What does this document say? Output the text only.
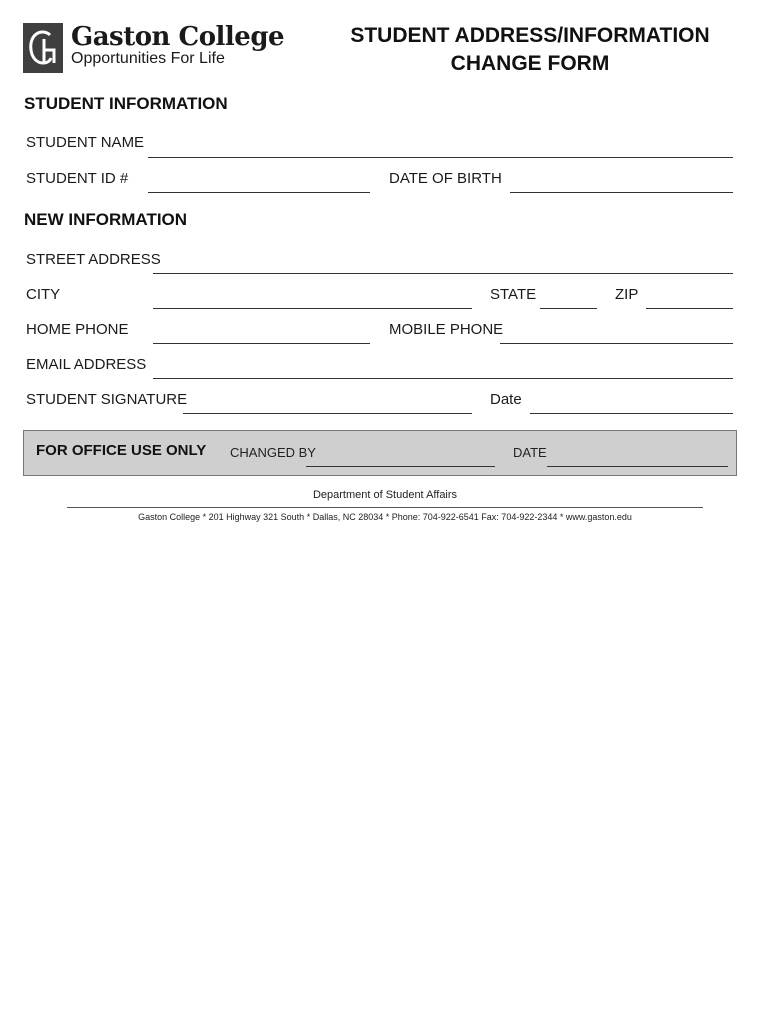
Gaston College
Opportunities For Life
STUDENT ADDRESS/INFORMATION
CHANGE FORM
STUDENT INFORMATION
STUDENT NAME
STUDENT ID #	DATE OF BIRTH
NEW INFORMATION
STREET ADDRESS
CITY	STATE	ZIP
HOME PHONE	MOBILE PHONE
EMAIL ADDRESS
STUDENT SIGNATURE	Date
FOR OFFICE USE ONLY CHANGED BY	DATE
Department of Student Affairs
Gaston College * 201 Highway 321 South * Dallas, NC 28034 * Phone: 704-922-6541 Fax: 704-922-2344 * www.gaston.edu
